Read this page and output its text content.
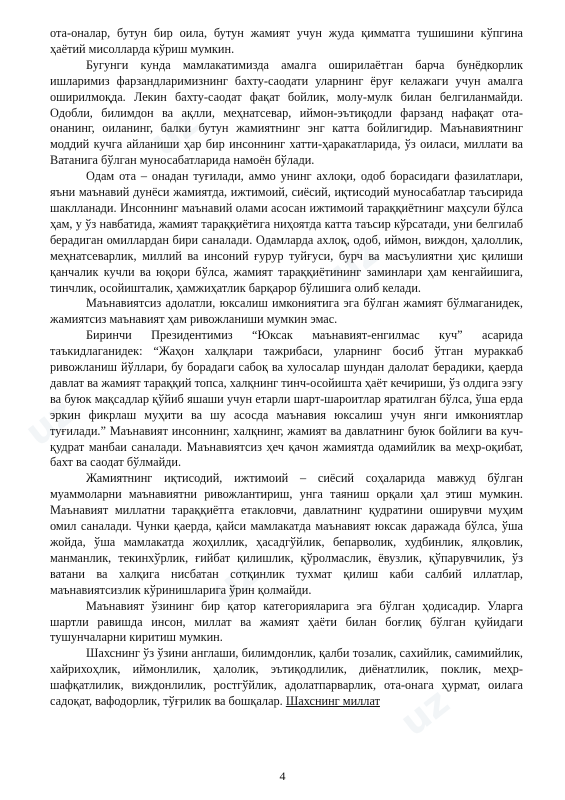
uz
uz
uz
uz
uz

ота-оналар, бутун бир оила, бутун жамият учун жуда қимматга тушишини кўпгина ҳаётий мисолларда кўриш мумкин.

Бугунги кунда мамлакатимизда амалга оширилаётган барча бунёдкорлик ишларимиз фарзандларимизнинг бахту-саодати уларнинг ёруғ келажаги учун амалга оширилмоқда. Лекин бахту-саодат фақат бойлик, молу-мулк билан белгиланмайди. Одобли, билимдон ва ақлли, меҳнатсевар, иймон-эътиқодли фарзанд нафақат ота-онанинг, оиланинг, балки бутун жамиятнинг энг катта бойлигидир. Маънавиятнинг моддий кучга айланиши ҳар бир инсоннинг хатти-ҳаракатларида, ўз оиласи, миллати ва Ватанига бўлган муносабатларида намоён бўлади.

Одам ота – онадан туғилади, аммо унинг ахлоқи, одоб борасидаги фазилатлари, яъни маънавий дунёси жамиятда, ижтимоий, сиёсий, иқтисодий муносабатлар таъсирида шаклланади. Инсоннинг маънавий олами асосан ижтимоий тараққиётнинг маҳсули бўлса ҳам, у ўз навбатида, жамият тараққиётига ниҳоятда катта таъсир кўрсатади, уни белгилаб берадиган омиллардан бири саналади. Одамларда ахлоқ, одоб, иймон, виждон, ҳалоллик, меҳнатсеварлик, миллий ва инсоний ғурур туйғуси, бурч ва масъулиятни ҳис қилиши қанчалик кучли ва юқори бўлса, жамият тараққиётининг заминлари ҳам кенгайишига, тинчлик, осойишталик, ҳамжиҳатлик барқарор бўлишига олиб келади.

Маънавиятсиз адолатли, юксалиш имкониятига эга бўлган жамият бўлмаганидек, жамиятсиз маънавият ҳам ривожланиши мумкин эмас.

Биринчи Президентимиз “Юксак маънавият-енгилмас куч” асарида таъкидлаганидек: “Жаҳон халқлари тажрибаси, уларнинг босиб ўтган мураккаб ривожланиш йўллари, бу борадаги сабоқ ва хулосалар шундан далолат берадики, қаерда давлат ва жамият тараққий топса, халқнинг тинч-осойишта ҳаёт кечириши, ўз олдига эзгу ва буюк мақсадлар қўйиб яшаши учун етарли шарт-шароитлар яратилган бўлса, ўша ерда эркин фикрлаш муҳити ва шу асосда маънавия юксалиш учун янги имкониятлар туғилади.” Маънавият инсоннинг, халқнинг, жамият ва давлатнинг буюк бойлиги ва куч-қудрат манбаи саналади. Маънавиятсиз ҳеч қачон жамиятда одамийлик ва меҳр-оқибат, бахт ва саодат бўлмайди.

Жамиятнинг иқтисодий, ижтимоий – сиёсий соҳаларида мавжуд бўлган муаммоларни маънавиятни ривожлантириш, унга таяниш орқали ҳал этиш мумкин. Маънавият миллатни тараққиётга етакловчи, давлатнинг қудратини оширувчи муҳим омил саналади. Чунки қаерда, қайси мамлакатда маънавият юксак даражада бўлса, ўша жойда, ўша мамлакатда жоҳиллик, ҳасадгўйлик, бепарволик, худбинлик, ялқовлик, манманлик, текинхўрлик, ғийбат қилишлик, қўролмаслик, ёвузлик, қўпарувчилик, ўз ватани ва халқига нисбатан сотқинлик тухмат қилиш каби салбий иллатлар, маънавиятсизлик кўринишларига ўрин қолмайди.

Маънавият ўзининг бир қатор категорияларига эга бўлган ҳодисадир. Уларга шартли равишда инсон, миллат ва жамият ҳаёти билан боғлиқ бўлган қуйидаги тушунчаларни киритиш мумкин.

Шахснинг ўз ўзини англаши, билимдонлик, қалби тозалик, сахийлик, самимийлик, хайрихоҳлик, иймонлилик, ҳалолик, эътиқодлилик, диёнатлилик, поклик, меҳр-шафқатлилик, виждонлилик, ростгўйлик, адолатпарварлик, ота-онага ҳурмат, оилага садоқат, вафодорлик, тўғрилик ва бошқалар. Шахснинг миллат

4
